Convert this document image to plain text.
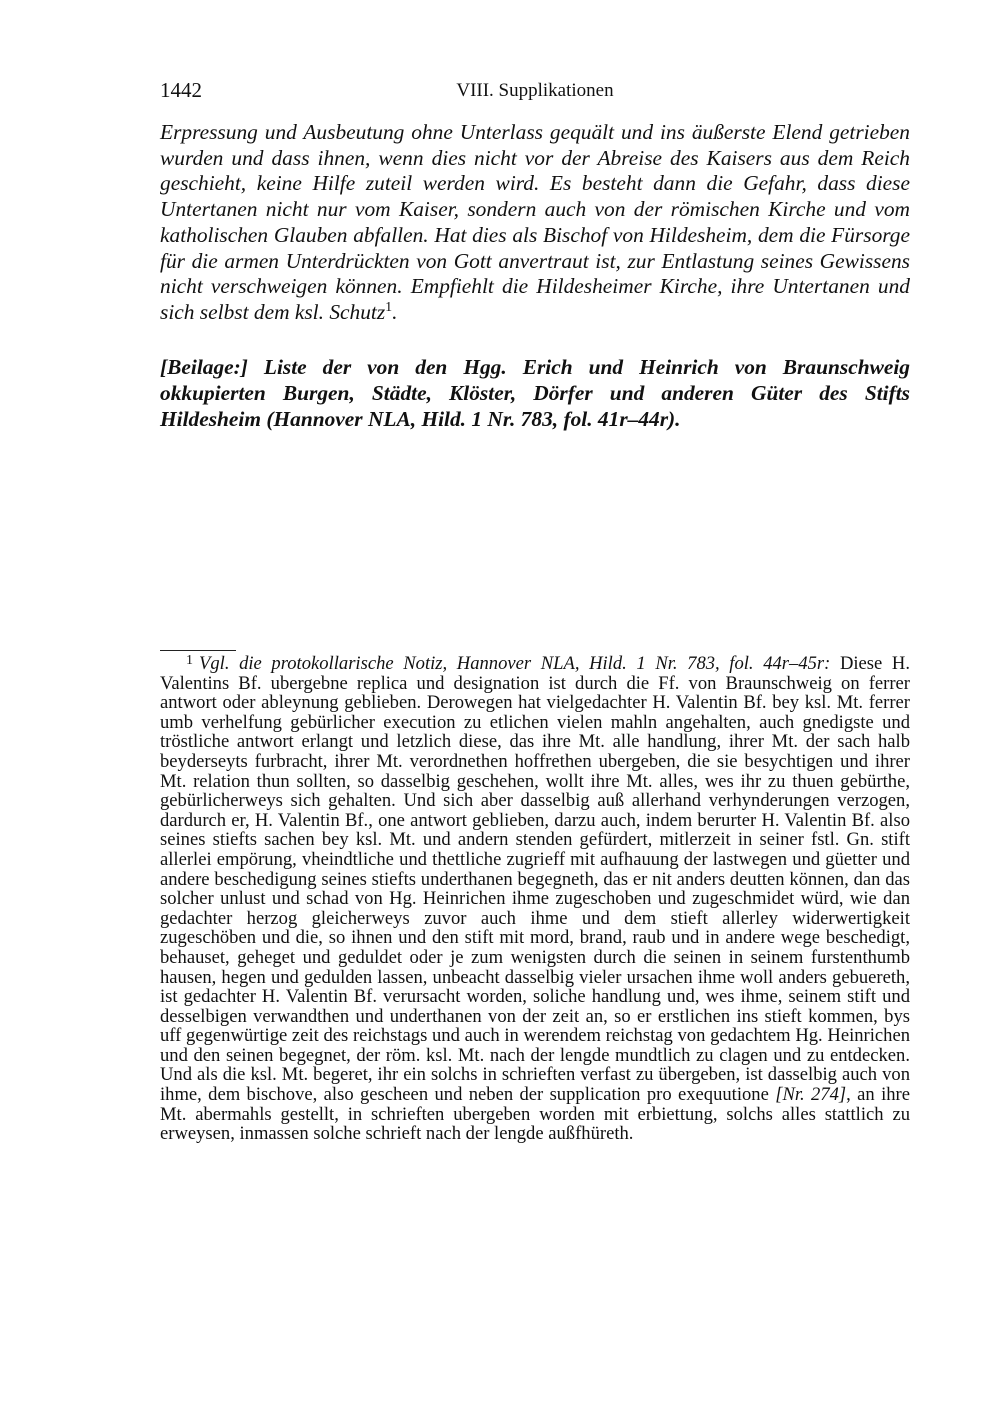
1442	VIII. Supplikationen

Erpressung und Ausbeutung ohne Unterlass gequält und ins äußerste Elend getrieben wurden und dass ihnen, wenn dies nicht vor der Abreise des Kaisers aus dem Reich geschieht, keine Hilfe zuteil werden wird. Es besteht dann die Gefahr, dass diese Untertanen nicht nur vom Kaiser, sondern auch von der römischen Kirche und vom katholischen Glauben abfallen. Hat dies als Bischof von Hildesheim, dem die Fürsorge für die armen Unterdrückten von Gott anvertraut ist, zur Entlastung seines Gewissens nicht verschweigen können. Empfiehlt die Hildesheimer Kirche, ihre Untertanen und sich selbst dem ksl. Schutz$^1$.

[Beilage:] Liste der von den Hgg. Erich und Heinrich von Braunschweig okkupierten Burgen, Städte, Klöster, Dörfer und anderen Güter des Stifts Hildesheim (Hannover NLA, Hild. 1 Nr. 783, fol. 41r–44r).

$^1$ Vgl. die protokollarische Notiz, Hannover NLA, Hild. 1 Nr. 783, fol. 44r–45r: Diese H. Valentins Bf. ubergebne replica und designation ist durch die Ff. von Braunschweig on ferrer antwort oder ableynung geblieben. Derowegen hat vielgedachter H. Valentin Bf. bey ksl. Mt. ferrer umb verhelfung gebürlicher execution zu etlichen vielen mahln angehalten, auch gnedigste und tröstliche antwort erlangt und letzlich diese, das ihre Mt. alle handlung, ihrer Mt. der sach halb beyderseyts furbracht, ihrer Mt. verordnethen hoffrethen ubergeben, die sie besychtigen und ihrer Mt. relation thun sollten, so dasselbig geschehen, wollt ihre Mt. alles, wes ihr zu thuen gebürthe, gebürlicherweys sich gehalten. Und sich aber dasselbig auß allerhand verhynderungen verzogen, dardurch er, H. Valentin Bf., one antwort geblieben, darzu auch, indem berurter H. Valentin Bf. also seines stiefts sachen bey ksl. Mt. und andern stenden gefürdert, mitlerzeit in seiner fstl. Gn. stift allerlei empörung, vheindtliche und thettliche zugrieff mit aufhauung der lastwegen und güetter und andere beschedigung seines stiefts underthanen begegneth, das er nit anders deutten können, dan das solcher unlust und schad von Hg. Heinrichen ihme zugeschoben und zugeschmidet würd, wie dan gedachter herzog gleicherweys zuvor auch ihme und dem stieft allerley widerwertigkeit zugeschöben und die, so ihnen und den stift mit mord, brand, raub und in andere wege beschedigt, behauset, geheget und geduldet oder je zum wenigsten durch die seinen in seinem furstenthumb hausen, hegen und gedulden lassen, unbeacht dasselbig vieler ursachen ihme woll anders gebuereth, ist gedachter H. Valentin Bf. verursacht worden, soliche handlung und, wes ihme, seinem stift und desselbigen verwandthen und underthanen von der zeit an, so er erstlichen ins stieft kommen, bys uff gegenwürtige zeit des reichstags und auch in werendem reichstag von gedachtem Hg. Heinrichen und den seinen begegnet, der röm. ksl. Mt. nach der lengde mundtlich zu clagen und zu entdecken. Und als die ksl. Mt. begeret, ihr ein solchs in schrieften verfast zu übergeben, ist dasselbig auch von ihme, dem bischove, also gescheen und neben der supplication pro exequutione [Nr. 274], an ihre Mt. abermahls gestellt, in schrieften ubergeben worden mit erbiettung, solchs alles stattlich zu erweysen, inmassen solche schrieft nach der lengde außfhüreth.
